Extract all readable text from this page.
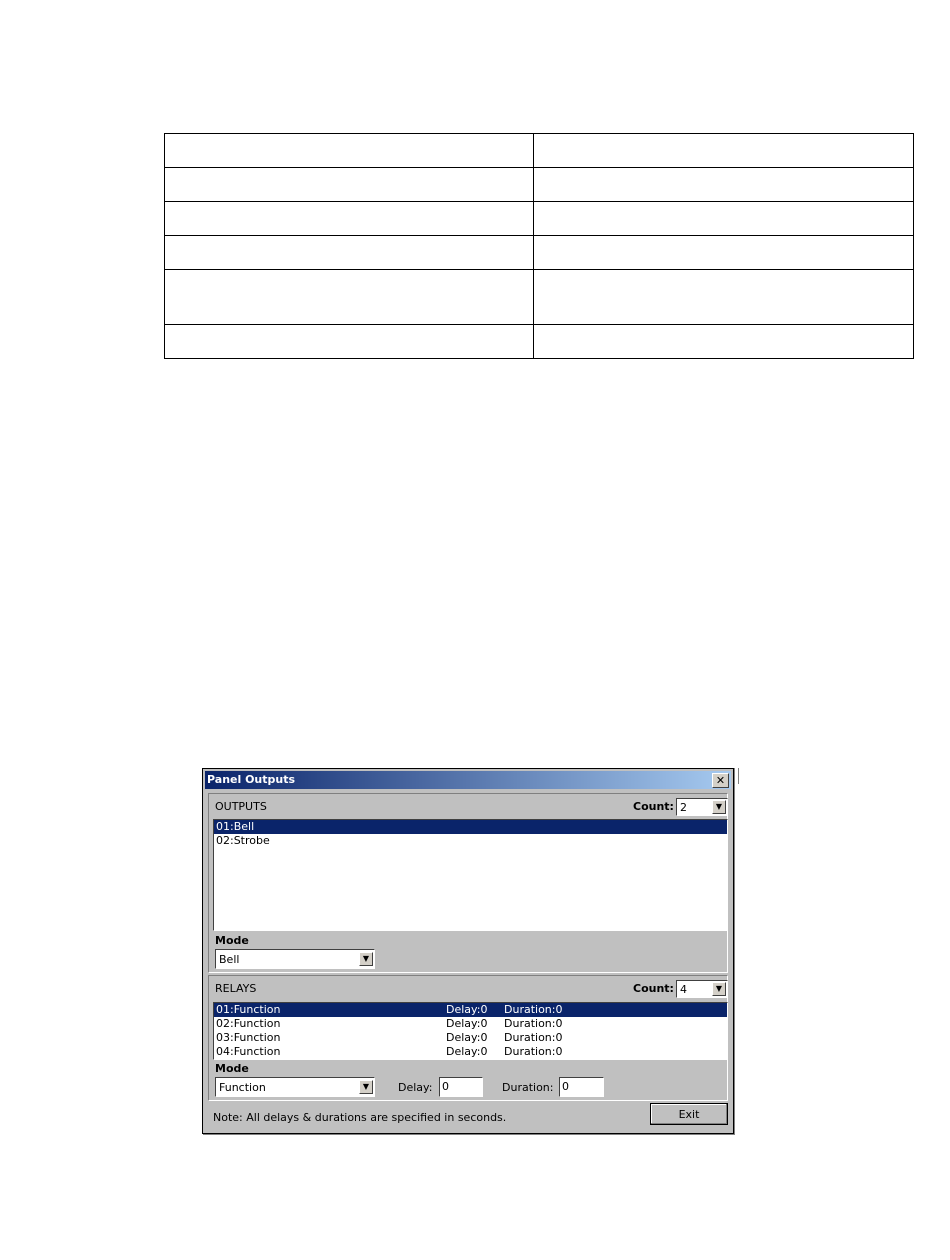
Panel Outputs	✕
OUTPUTS	Count: 2	▼
01:Bell
02:Strobe
Mode
Bell	▼
RELAYS	Count: 4	▼
01:Function	Delay:0 Duration:0
02:Function	Delay:0 Duration:0
03:Function	Delay:0 Duration:0
04:Function	Delay:0 Duration:0
Mode
Function	▼	Delay: 0	Duration: 0
Note: All delays & durations are specified in seconds.	Exit
